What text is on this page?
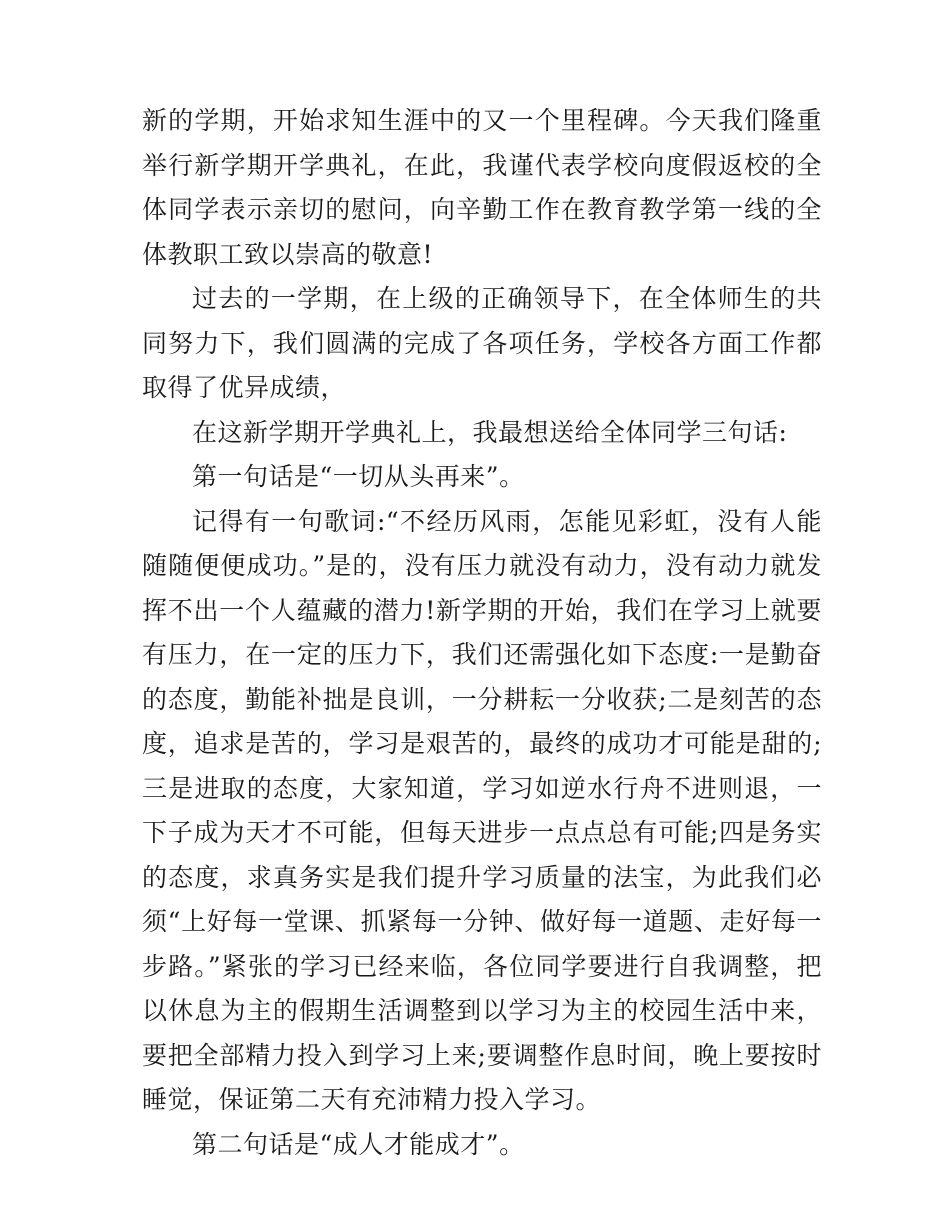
新的学期，开始求知生涯中的又一个里程碑。今天我们隆重举行新学期开学典礼，在此，我谨代表学校向度假返校的全体同学表示亲切的慰问，向辛勤工作在教育教学第一线的全体教职工致以崇高的敬意!

过去的一学期，在上级的正确领导下，在全体师生的共同努力下，我们圆满的完成了各项任务，学校各方面工作都取得了优异成绩，

在这新学期开学典礼上，我最想送给全体同学三句话:

第一句话是“一切从头再来”。

记得有一句歌词:“不经历风雨，怎能见彩虹，没有人能随随便便成功。”是的，没有压力就没有动力，没有动力就发挥不出一个人蕴藏的潜力!新学期的开始，我们在学习上就要有压力，在一定的压力下，我们还需强化如下态度:一是勤奋的态度，勤能补拙是良训，一分耕耘一分收获;二是刻苦的态度，追求是苦的，学习是艰苦的，最终的成功才可能是甜的;三是进取的态度，大家知道，学习如逆水行舟不进则退，一下子成为天才不可能，但每天进步一点点总有可能;四是务实的态度，求真务实是我们提升学习质量的法宝，为此我们必须“上好每一堂课、抓紧每一分钟、做好每一道题、走好每一步路。”紧张的学习已经来临，各位同学要进行自我调整，把以休息为主的假期生活调整到以学习为主的校园生活中来，要把全部精力投入到学习上来;要调整作息时间，晚上要按时睡觉，保证第二天有充沛精力投入学习。

第二句话是“成人才能成才”。
